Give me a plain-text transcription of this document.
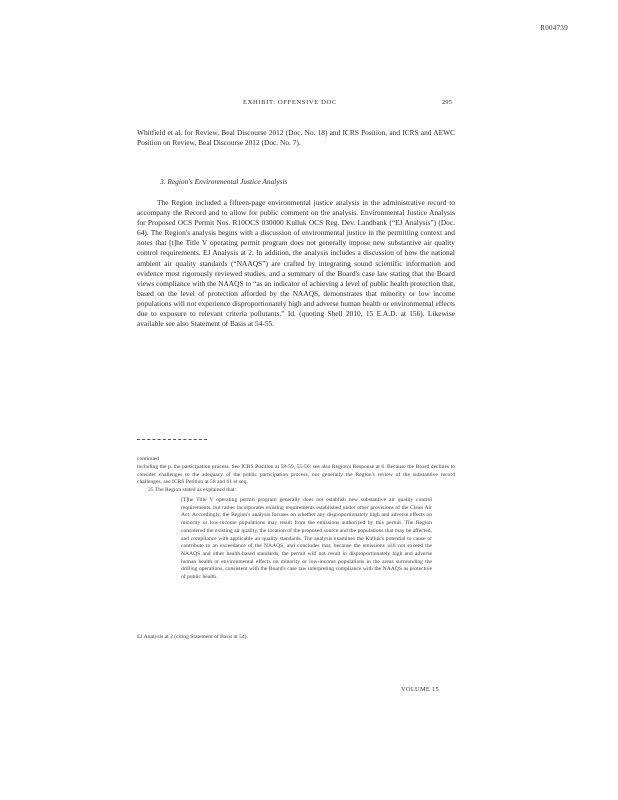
R004739
EXHIBIT: OFFENSIVE DOC	295

Whitfield et al. for Review, Beal Discourse 2012 (Doc. No. 18) and ICRS Position, and ICRS and AEWC Position on Review, Beal Discourse 2012 (Doc. No. 7).

3. Region's Environmental Justice Analysis

The Region included a fifteen-page environmental justice analysis in the administrative record to accompany the Record and to allow for public comment on the analysis. Environmental Justice Analysis for Proposed OCS Permit Nos. R10OCS 030000 Kulluk OCS Reg. Dev. Landbank (“EJ Analysis”) (Doc. 64). The Region's analysis begins with a discussion of environmental justice in the permitting context and notes that [t]he Title V operating permit program does not generally impose new substantive air quality control requirements. EJ Analysis at 2. In addition, the analysis includes a discussion of how the national ambient air quality standards (“NAAQS”) are crafted by integrating sound scientific information and evidence most rigorously reviewed studies, and a summary of the Board's case law stating that the Board views compliance with the NAAQS to “as an indicator of achieving a level of public health protection that, based on the level of protection afforded by the NAAQS, demonstrates that minority or low income populations will not experience disproportionately high and adverse human health or environmental effects due to exposure to relevant criteria pollutants.” Id. (quoting Shell 2010, 15 E.A.D. at 156). Likewise available see also Statement of Basis at 54-55.

continued

including the p. the participation process. See ICRS Position at 58-59, 55-56; see also Region's Response at 6. Because the Board declines to consider challenges to the adequacy of the public participation process, nor generally the Region's review of the substantive record challenges, see ICRS Petition at 58 and 61 et seq.

25 The Region stated as explained that:

[T]he Title V operating permit program generally does not establish new substantive air quality control requirements, but rather incorporates existing requirements established under other provisions of the Clean Air Act. Accordingly, the Region's analysis focuses on whether any disproportionately high and adverse effects on minority or low-income populations may result from the emissions authorized by this permit. The Region considered the existing air quality, the location of the proposed source and the populations that may be affected, and compliance with applicable air quality standards. The analysis examines the Kulluk's potential to cause or contribute to an exceedance of the NAAQS, and concludes that, because the emissions will not exceed the NAAQS and other health-based standards, the permit will not result in disproportionately high and adverse human health or environmental effects on minority or low-income populations in the areas surrounding the drilling operations, consistent with the Board's case law interpreting compliance with the NAAQS as protective of public health.

EJ Analysis at 2 (citing Statement of Basis at 54).

VOLUME 15
